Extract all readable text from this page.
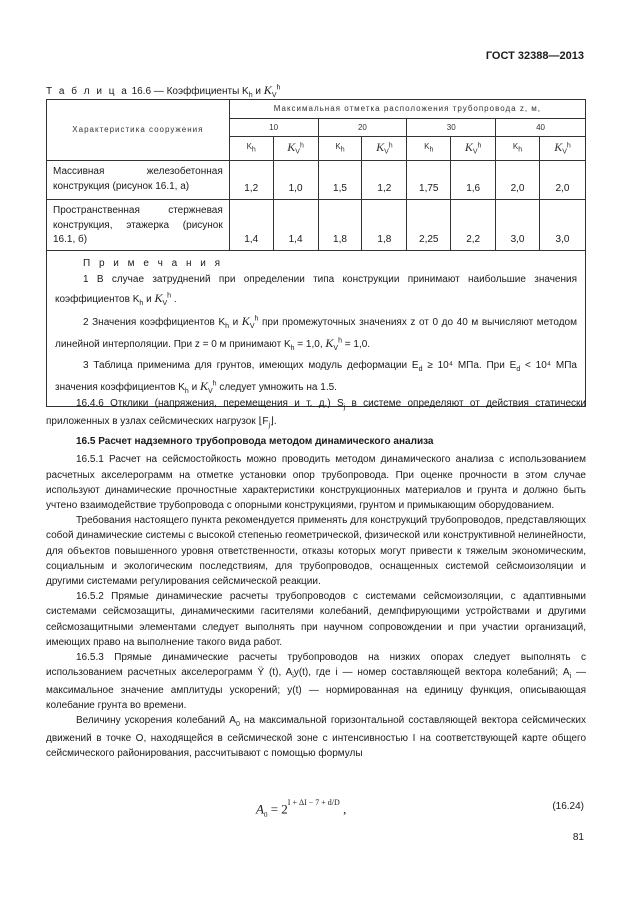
ГОСТ 32388—2013
Т а б л и ц а 16.6 — Коэффициенты $K_h$ и $K_V^h$
Характеристика сооружения	Максимальная отметка расположения трубопровода z, м,							
	10		20		30		40	
	$K_h$	$K_V^h$	$K_h$	$K_V^h$	$K_h$	$K_V^h$	$K_h$	$K_V^h$
Массивная железобетонная конструкция (рисунок 16.1, а)	1,2	1,0	1,5	1,2	1,75	1,6	2,0	2,0
Пространственная стержневая конструкция, этажерка (рисунок 16.1, б)	1,4	1,4	1,8	1,8	2,25	2,2	3,0	3,0

П р и м е ч а н и я

1 В случае затруднений при определении типа конструкции принимают наибольшие значения коэффициентов $K_h$ и $K_V^h$ .

2 Значения коэффициентов $K_h$ и $K_V^h$ при промежуточных значениях z от 0 до 40 м вычисляют методом линейной интерполяции. При z = 0 м принимают $K_h = 1,0$, $K_V^h = 1,0$.

3 Таблица применима для грунтов, имеющих модуль деформации $E_d \ge 10^4$ МПа. При $E_d < 10^4$ МПа значения коэффициентов $K_h$ и $K_V^h$ следует умножить на 1.5.								

16.4.6 Отклики (напряжения, перемещения и т. д.) $S_j$ в системе определяют от действия статически приложенных в узлах сейсмических нагрузок $⌊F_j⌋$.

16.5 Расчет надземного трубопровода методом динамического анализа

16.5.1 Расчет на сейсмостойкость можно проводить методом динамического анализа с использованием расчетных акселерограмм на отметке установки опор трубопровода. При оценке прочности в этом случае используют динамические прочностные характеристики конструкционных материалов и грунта и должно быть учтено взаимодействие трубопровода с опорными конструкциями, грунтом и примыкающим оборудованием.

Требования настоящего пункта рекомендуется применять для конструкций трубопроводов, представляющих собой динамические системы с высокой степенью геометрической, физической или конструктивной нелинейности, для объектов повышенного уровня ответственности, отказы которых могут привести к тяжелым экономическим, социальным и экологическим последствиям, для трубопроводов, оснащенных системой сейсмоизоляции и другими системами регулирования сейсмической реакции.

16.5.2 Прямые динамические расчеты трубопроводов с системами сейсмоизоляции, с адаптивными системами сейсмозащиты, динамическими гасителями колебаний, демпфирующими устройствами и другими сейсмозащитными элементами следует выполнять при научном сопровождении и при участии организаций, имеющих право на выполнение такого вида работ.

16.5.3 Прямые динамические расчеты трубопроводов на низких опорах следует выполнять с использованием расчетных акселерограмм Ÿ (t), $A_iy(t)$, где i — номер составляющей вектора колебаний; $A_i$ — максимальное значение амплитуды ускорений; y(t) — нормированная на единицу функция, описывающая колебание грунта во времени.

Величину ускорения колебаний $A_0$ на максимальной горизонтальной составляющей вектора сейсмических движений в точке O, находящейся в сейсмической зоне с интенсивностью I на соответствующей карте общего сейсмического районирования, рассчитывают с помощью формулы

$A_0 = 2^{I + \Delta I - 7 + d/D}$ ,	(16.24)
81
